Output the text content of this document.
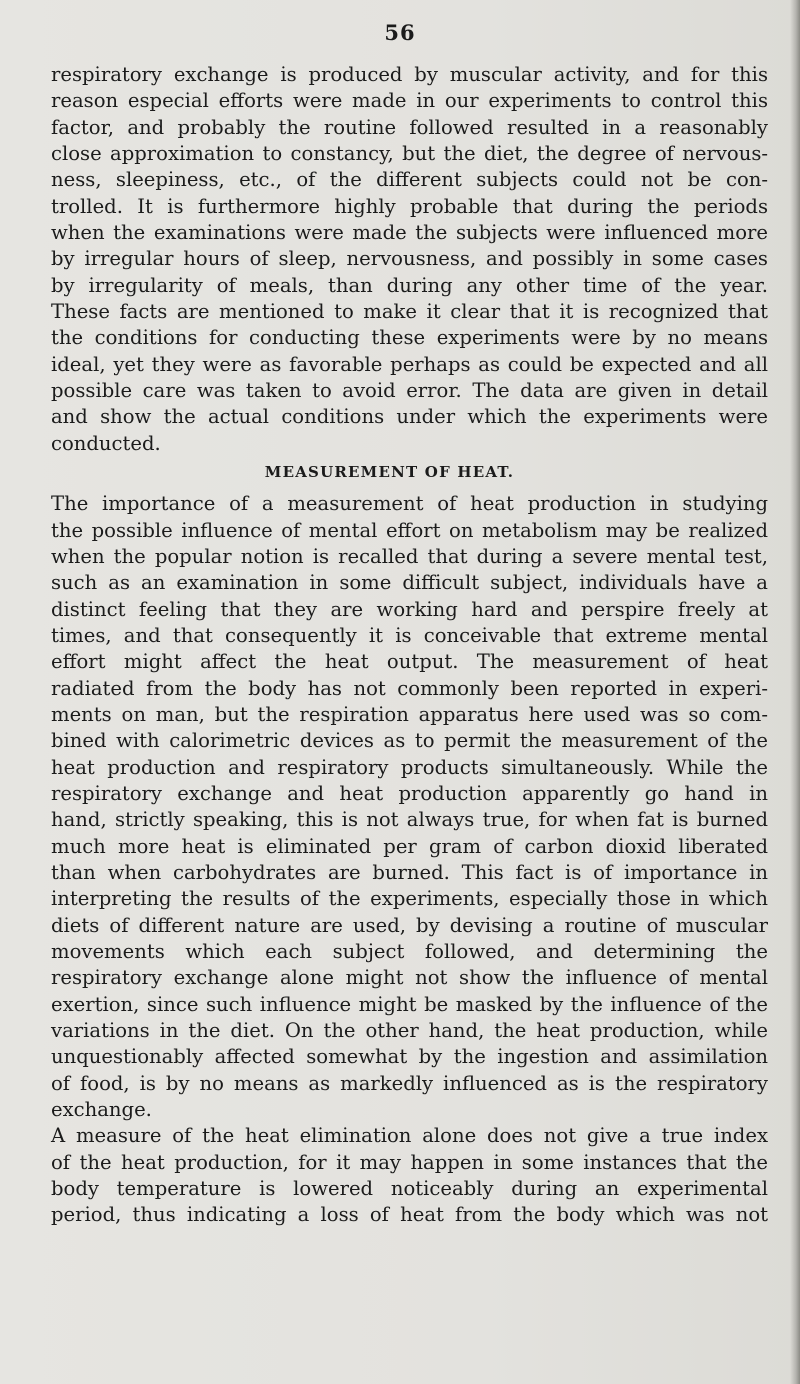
56
respiratory exchange is produced by muscular activity, and for this
reason especial efforts were made in our experiments to control this
factor, and probably the routine followed resulted in a reasonably
close approximation to constancy, but the diet, the degree of nervous-
ness, sleepiness, etc., of the different subjects could not be con-
trolled. It is furthermore highly probable that during the periods
when the examinations were made the subjects were influenced more
by irregular hours of sleep, nervousness, and possibly in some cases
by irregularity of meals, than during any other time of the year.
These facts are mentioned to make it clear that it is recognized that
the conditions for conducting these experiments were by no means
ideal, yet they were as favorable perhaps as could be expected and all
possible care was taken to avoid error. The data are given in detail
and show the actual conditions under which the experiments were
conducted.
MEASUREMENT OF HEAT.
The importance of a measurement of heat production in studying
the possible influence of mental effort on metabolism may be realized
when the popular notion is recalled that during a severe mental test,
such as an examination in some difficult subject, individuals have a
distinct feeling that they are working hard and perspire freely at
times, and that consequently it is conceivable that extreme mental
effort might affect the heat output. The measurement of heat
radiated from the body has not commonly been reported in experi-
ments on man, but the respiration apparatus here used was so com-
bined with calorimetric devices as to permit the measurement of the
heat production and respiratory products simultaneously. While the
respiratory exchange and heat production apparently go hand in
hand, strictly speaking, this is not always true, for when fat is burned
much more heat is eliminated per gram of carbon dioxid liberated
than when carbohydrates are burned. This fact is of importance in
interpreting the results of the experiments, especially those in which
diets of different nature are used, by devising a routine of muscular
movements which each subject followed, and determining the
respiratory exchange alone might not show the influence of mental
exertion, since such influence might be masked by the influence of the
variations in the diet. On the other hand, the heat production, while
unquestionably affected somewhat by the ingestion and assimilation
of food, is by no means as markedly influenced as is the respiratory
exchange.
A measure of the heat elimination alone does not give a true index
of the heat production, for it may happen in some instances that the
body temperature is lowered noticeably during an experimental
period, thus indicating a loss of heat from the body which was not
